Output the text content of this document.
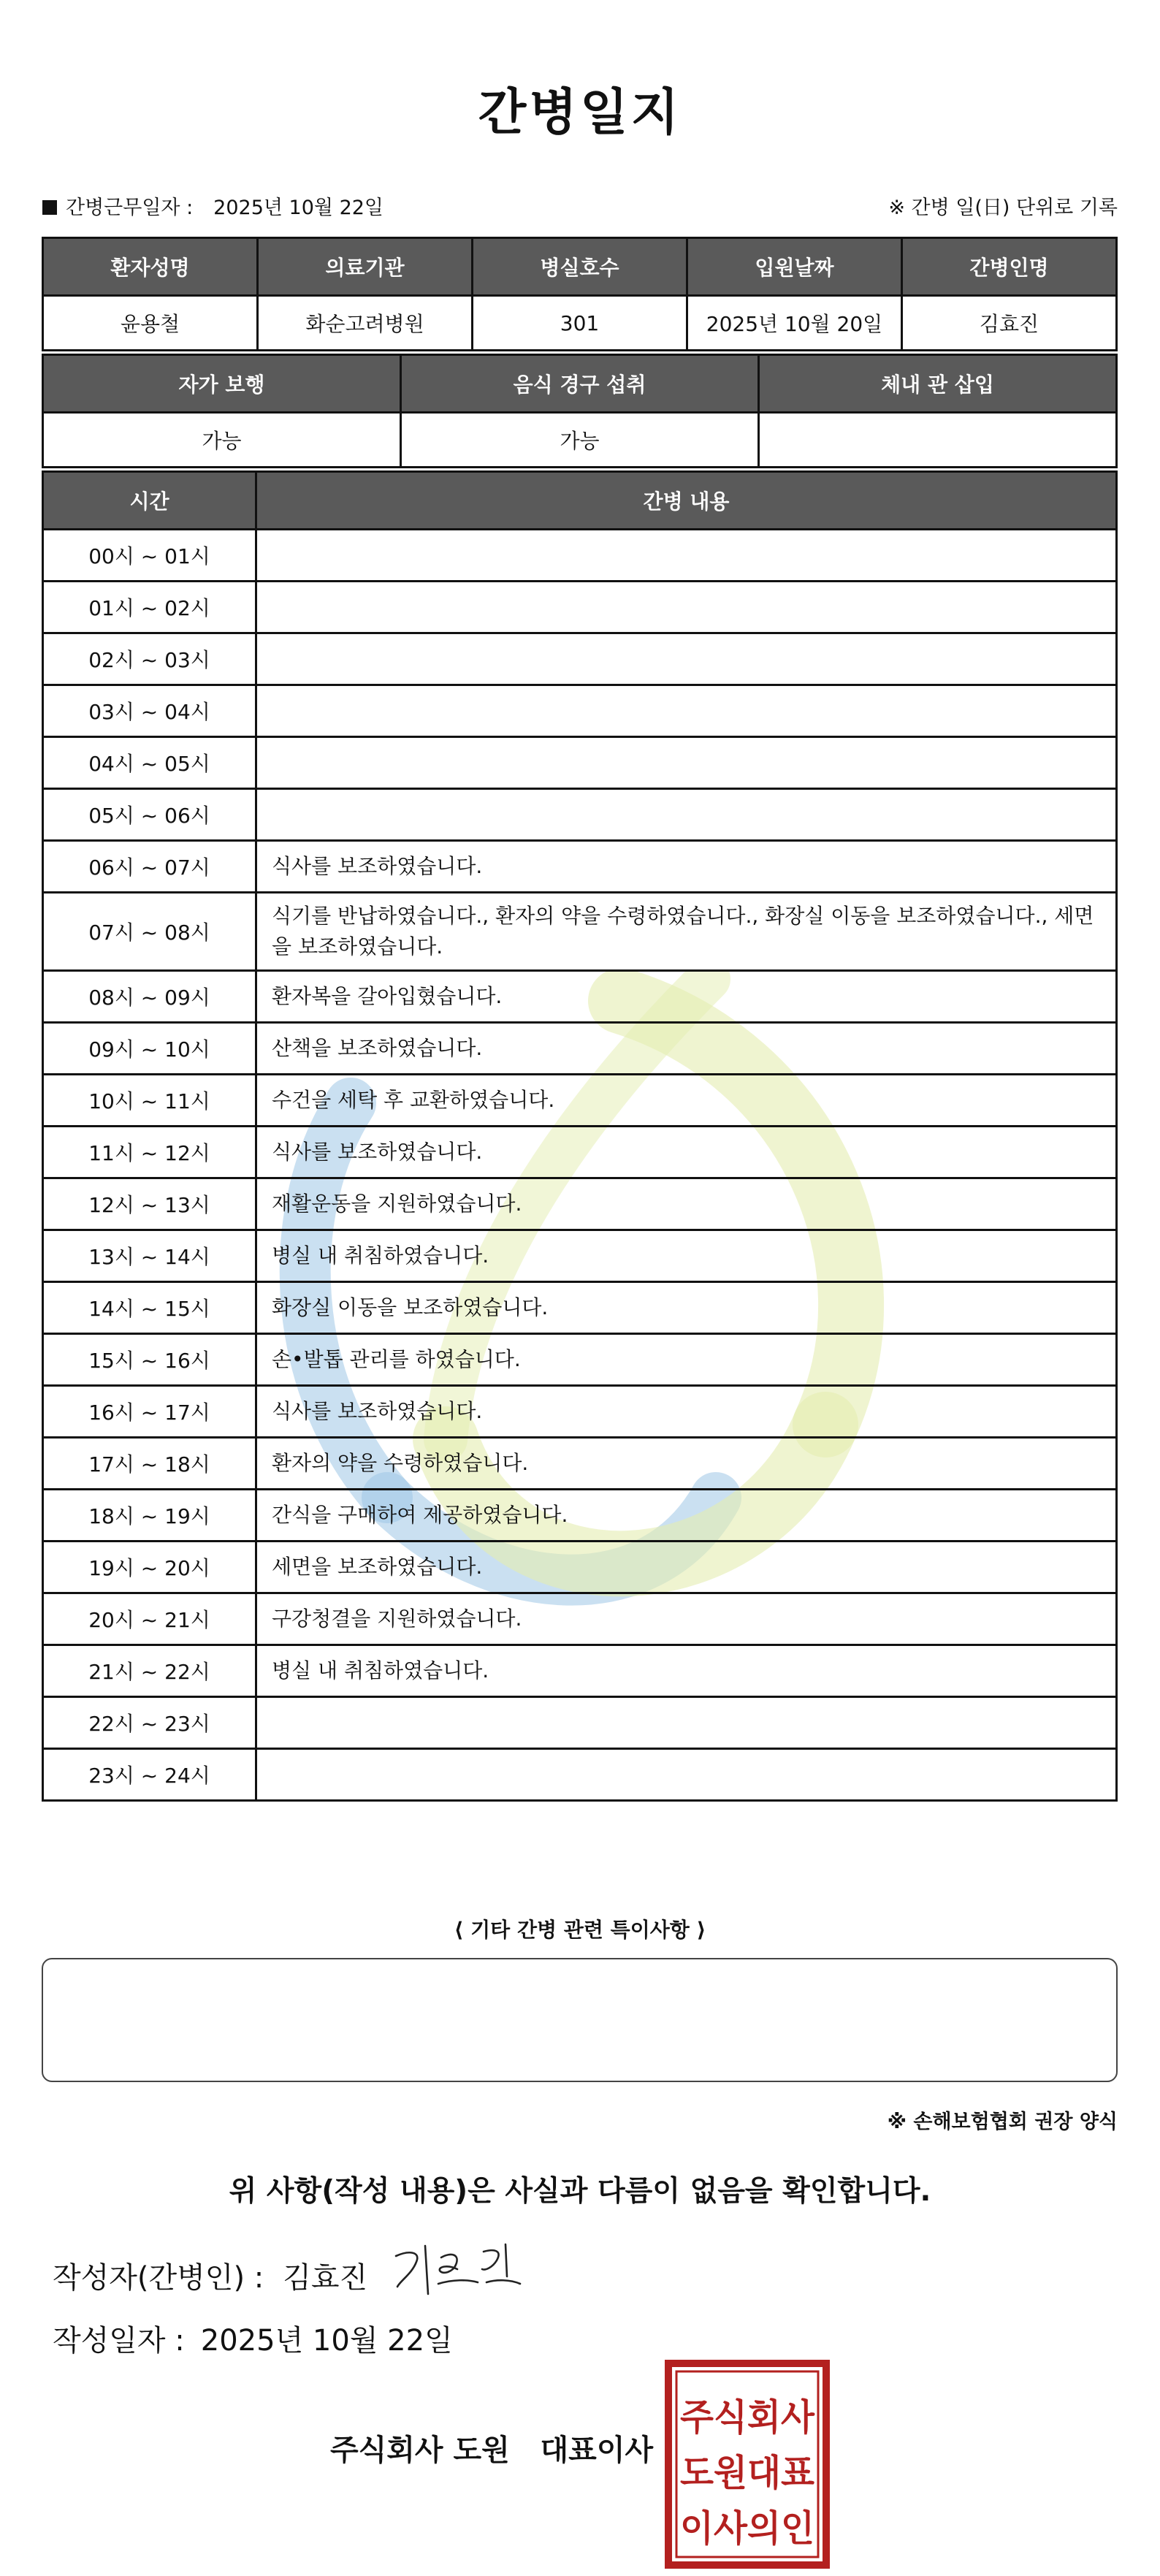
간병일지
간병근무일자 : 2025년 10월 22일	※ 간병 일(日) 단위로 기록
환자성명	의료기관	병실호수	입원날짜	간병인명
윤용철	화순고려병원	301	2025년 10월 20일	김효진
자가 보행	음식 경구 섭취	체내 관 삽입
가능	가능	
시간	간병 내용
00시 ~ 01시	
01시 ~ 02시	
02시 ~ 03시	
03시 ~ 04시	
04시 ~ 05시	
05시 ~ 06시	
06시 ~ 07시	식사를 보조하였습니다.
07시 ~ 08시	식기를 반납하였습니다., 환자의 약을 수령하였습니다., 화장실 이동을 보조하였습니다., 세면을 보조하였습니다.
08시 ~ 09시	환자복을 갈아입혔습니다.
09시 ~ 10시	산책을 보조하였습니다.
10시 ~ 11시	수건을 세탁 후 교환하였습니다.
11시 ~ 12시	식사를 보조하였습니다.
12시 ~ 13시	재활운동을 지원하였습니다.
13시 ~ 14시	병실 내 취침하였습니다.
14시 ~ 15시	화장실 이동을 보조하였습니다.
15시 ~ 16시	손•발톱 관리를 하였습니다.
16시 ~ 17시	식사를 보조하였습니다.
17시 ~ 18시	환자의 약을 수령하였습니다.
18시 ~ 19시	간식을 구매하여 제공하였습니다.
19시 ~ 20시	세면을 보조하였습니다.
20시 ~ 21시	구강청결을 지원하였습니다.
21시 ~ 22시	병실 내 취침하였습니다.
22시 ~ 23시	
23시 ~ 24시	
⟨ 기타 간병 관련 특이사항 ⟩
※ 손해보험협회 권장 양식
위 사항(작성 내용)은 사실과 다름이 없음을 확인합니다.
작성자(간병인) : 김효진
작성일자 : 2025년 10월 22일
주식회사 도원   대표이사
주식회사
도원대표
이사의인
